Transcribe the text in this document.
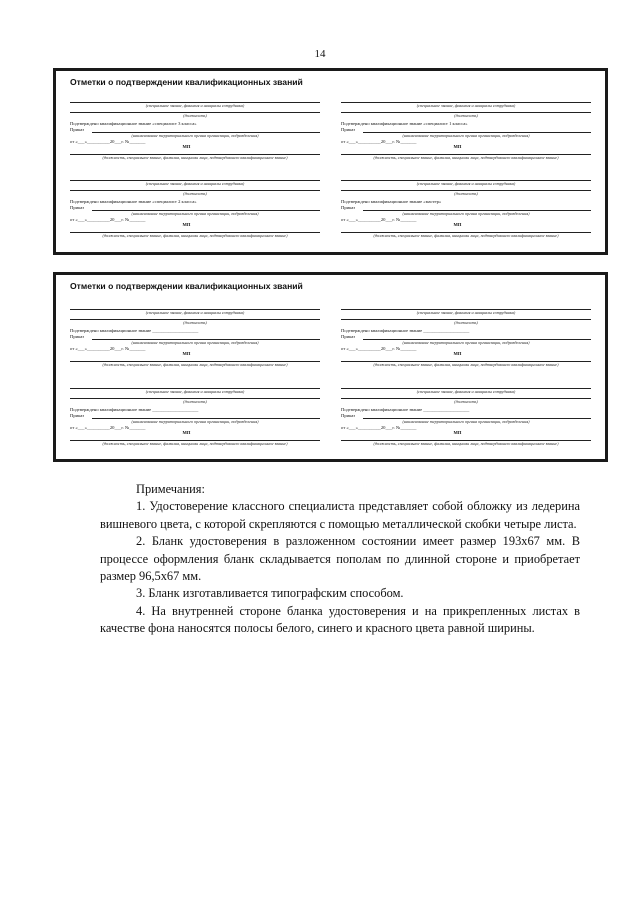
14
Отметки о подтверждении квалификационных званий
(специальное звание, фамилия и инициалы сотрудника)
(должность)
Подтверждено квалификационное звание «специалист 3 класса»
Приказ
(наименование территориального органа организации, подразделения)
от «___»__________20___г. №_______
МП
(должность, специальное звание, фамилия, инициалы лица, подтвердившего квалификационное звание)
(специальное звание, фамилия и инициалы сотрудника)
(должность)
Подтверждено квалификационное звание «специалист 2 класса»
Приказ
(наименование территориального органа организации, подразделения)
от «___»__________20___г. №_______
МП
(должность, специальное звание, фамилия, инициалы лица, подтвердившего квалификационное звание)
(специальное звание, фамилия и инициалы сотрудника)
(должность)
Подтверждено квалификационное звание «специалист 1 класса»
Приказ
(наименование территориального органа организации, подразделения)
от «___»__________20___г. №_______
МП
(должность, специальное звание, фамилия, инициалы лица, подтвердившего квалификационное звание)
(специальное звание, фамилия и инициалы сотрудника)
(должность)
Подтверждено квалификационное звание «мастер»
Приказ
(наименование территориального органа организации, подразделения)
от «___»__________20___г. №_______
МП
(должность, специальное звание, фамилия, инициалы лица, подтвердившего квалификационное звание)
Отметки о подтверждении квалификационных званий
(специальное звание, фамилия и инициалы сотрудника)
(должность)
Подтверждено квалификационное звание ____________________
Приказ
(наименование территориального органа организации, подразделения)
от «___»__________20___г. №_______
МП
(должность, специальное звание, фамилия, инициалы лица, подтвердившего квалификационное звание)
(специальное звание, фамилия и инициалы сотрудника)
(должность)
Подтверждено квалификационное звание ____________________
Приказ
(наименование территориального органа организации, подразделения)
от «___»__________20___г. №_______
МП
(должность, специальное звание, фамилия, инициалы лица, подтвердившего квалификационное звание)
(специальное звание, фамилия и инициалы сотрудника)
(должность)
Подтверждено квалификационное звание ____________________
Приказ
(наименование территориального органа организации, подразделения)
от «___»__________20___г. №_______
МП
(должность, специальное звание, фамилия, инициалы лица, подтвердившего квалификационное звание)
(специальное звание, фамилия и инициалы сотрудника)
(должность)
Подтверждено квалификационное звание ____________________
Приказ
(наименование территориального органа организации, подразделения)
от «___»__________20___г. №_______
МП
(должность, специальное звание, фамилия, инициалы лица, подтвердившего квалификационное звание)

Примечания:

1. Удостоверение классного специалиста представляет собой обложку из ледерина вишневого цвета, с которой скрепляются с помощью металлической скобки четыре листа.

2. Бланк удостоверения в разложенном состоянии имеет размер 193х67 мм. В процессе оформления бланк складывается пополам по длинной стороне и приобретает размер 96,5х67 мм.

3. Бланк изготавливается типографским способом.

4. На внутренней стороне бланка удостоверения и на прикрепленных листах в качестве фона наносятся полосы белого, синего и красного цвета равной ширины.
